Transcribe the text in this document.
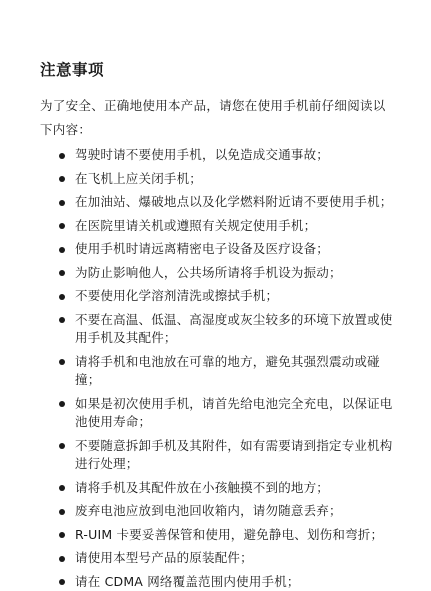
注意事项

为了安全、正确地使用本产品，请您在使用手机前仔细阅读以下内容：

驾驶时请不要使用手机，以免造成交通事故；
在飞机上应关闭手机；
在加油站、爆破地点以及化学燃料附近请不要使用手机；
在医院里请关机或遵照有关规定使用手机；
使用手机时请远离精密电子设备及医疗设备；
为防止影响他人，公共场所请将手机设为振动；
不要使用化学溶剂清洗或擦拭手机；
不要在高温、低温、高湿度或灰尘较多的环境下放置或使用手机及其配件；
请将手机和电池放在可靠的地方，避免其强烈震动或碰撞；
如果是初次使用手机，请首先给电池完全充电，以保证电池使用寿命；
不要随意拆卸手机及其附件，如有需要请到指定专业机构进行处理；
请将手机及其配件放在小孩触摸不到的地方；
废弃电池应放到电池回收箱内，请勿随意丢弃；
R-UIM 卡要妥善保管和使用，避免静电、划伤和弯折；
请使用本型号产品的原装配件；
请在 CDMA 网络覆盖范围内使用手机；
